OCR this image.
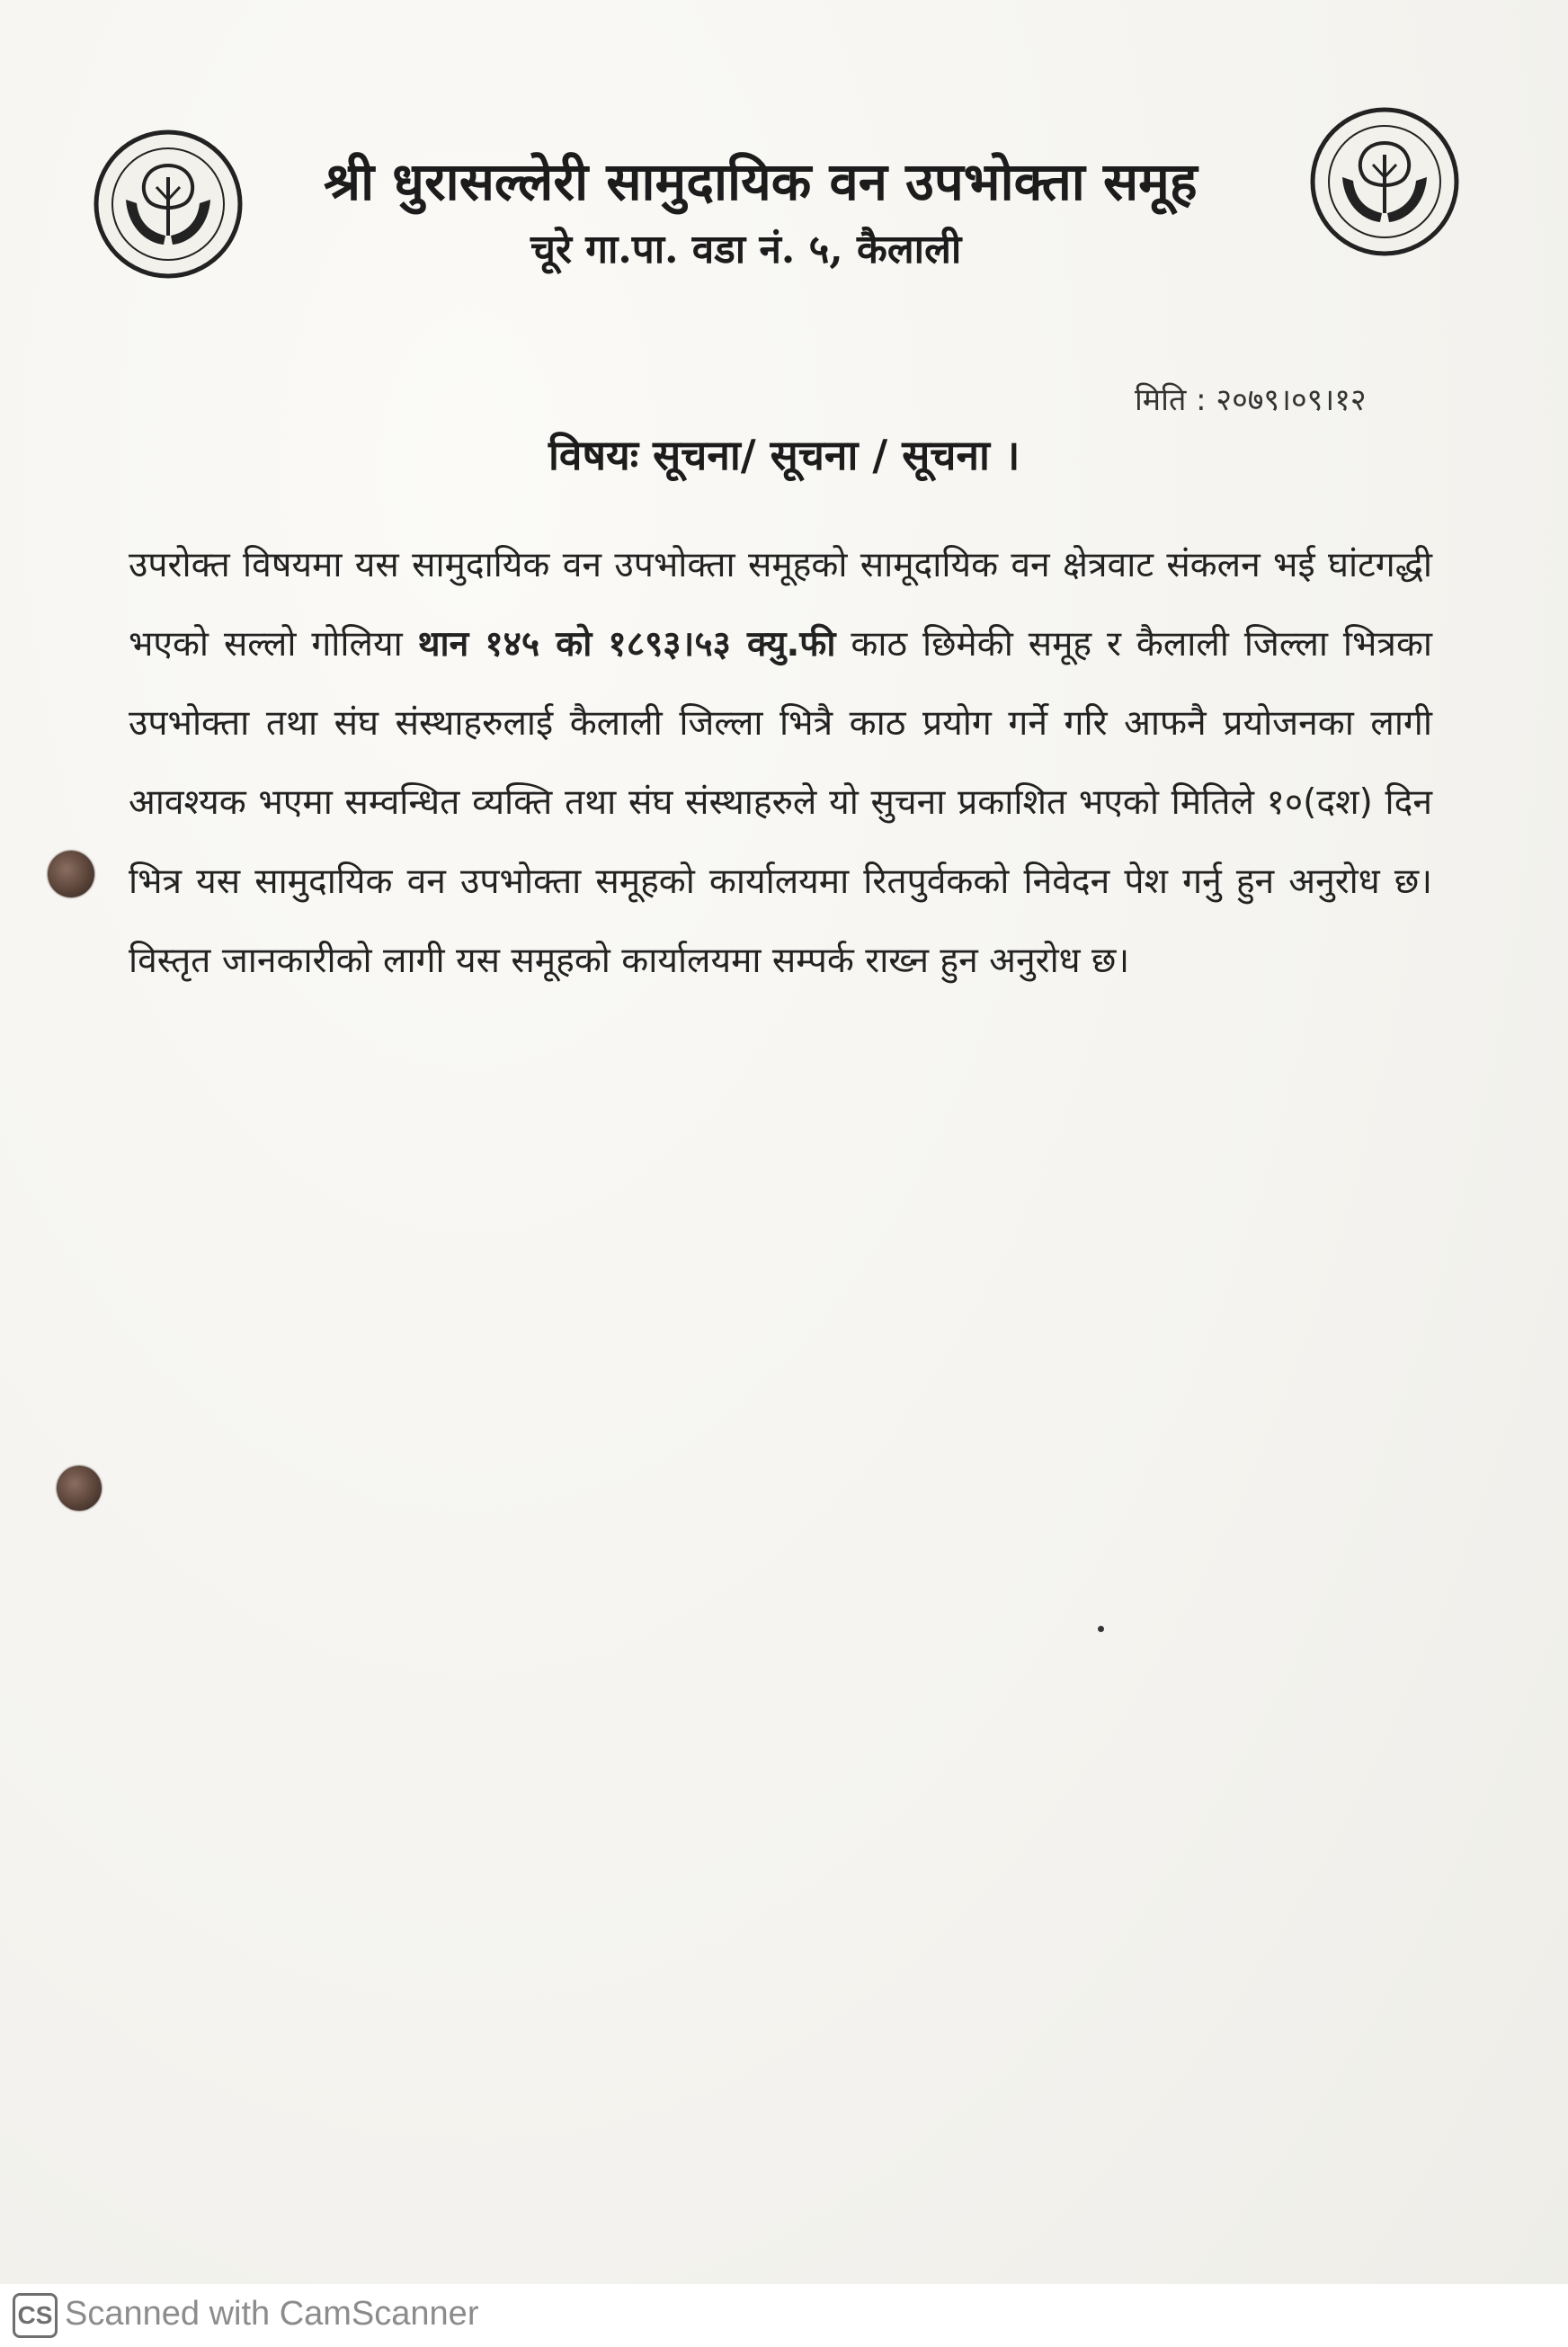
श्री धुरासल्लेरी सामुदायिक वन उपभोक्ता समूह
चूरे गा.पा. वडा नं. ५, कैलाली
मिति : २०७९।०९।१२
विषयः सूचना/ सूचना / सूचना ।
उपरोक्त विषयमा यस सामुदायिक वन उपभोक्ता समूहको सामूदायिक वन क्षेत्रवाट संकलन भई घांटगद्धी भएको सल्लो गोलिया थान १४५ को १८९३।५३ क्यु.फी काठ छिमेकी समूह र कैलाली जिल्ला भित्रका उपभोक्ता तथा संघ संस्थाहरुलाई कैलाली जिल्ला भित्रै काठ प्रयोग गर्ने गरि आफनै प्रयोजनका लागी आवश्यक भएमा सम्वन्धित व्यक्ति तथा संघ संस्थाहरुले यो सुचना प्रकाशित भएको मितिले १०(दश) दिन भित्र यस सामुदायिक वन उपभोक्ता समूहको कार्यालयमा रितपुर्वकको निवेदन पेश गर्नु हुन अनुरोध छ। विस्तृत जानकारीको लागी यस समूहको कार्यालयमा सम्पर्क राख्न हुन अनुरोध छ।
CS Scanned with CamScanner
